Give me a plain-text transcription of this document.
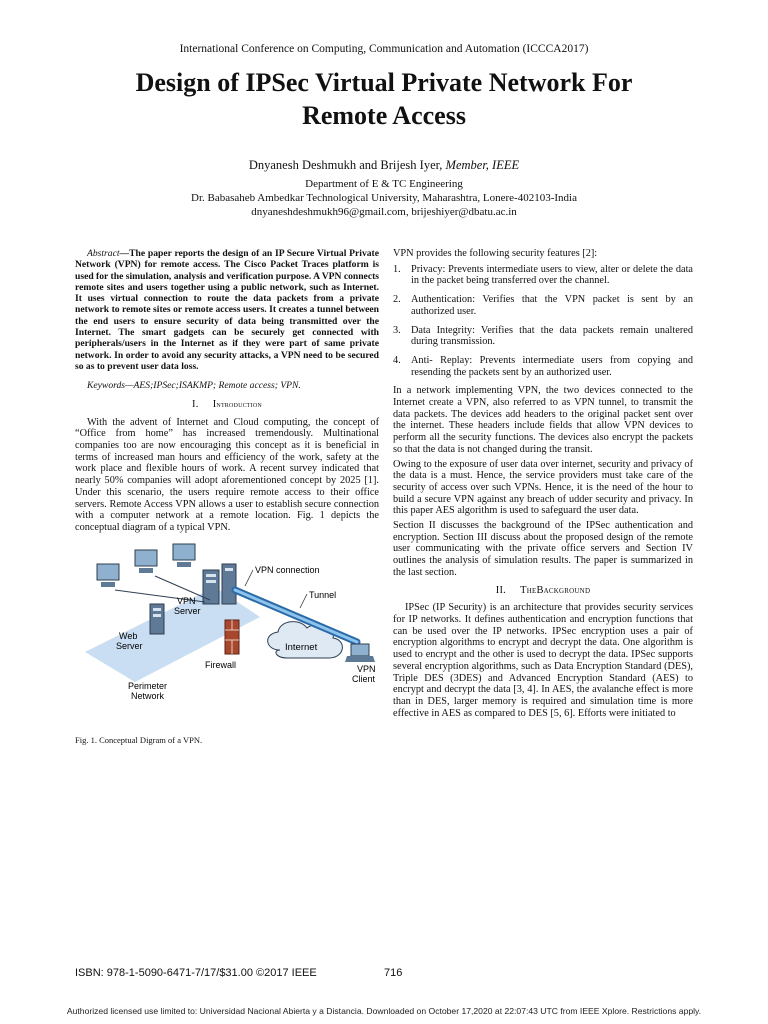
International Conference on Computing, Communication and Automation (ICCCA2017)
Design of IPSec Virtual Private Network For
Remote Access
Dnyanesh Deshmukh and Brijesh Iyer, Member, IEEE
Department of E & TC Engineering
Dr. Babasaheb Ambedkar Technological University, Maharashtra, Lonere-402103-India
dnyaneshdeshmukh96@gmail.com, brijeshiyer@dbatu.ac.in

Abstract—The paper reports the design of an IP Secure Virtual Private Network (VPN) for remote access. The Cisco Packet Traces platform is used for the simulation, analysis and verification purpose. A VPN connects remote sites and users together using a public network, such as Internet. It uses virtual connection to route the data packets from a private network to remote sites or remote access users. It creates a tunnel between the end users to ensure security of data being transmitted over the Internet. The smart gadgets can be securely get connected with peripherals/users in the Internet as if they were part of same private network. In order to avoid any security attacks, a VPN need to be secured so as to prevent user data loss.

Keywords—AES;IPSec;ISAKMP; Remote access; VPN.

I. Introduction

With the advent of Internet and Cloud computing, the concept of “Office from home” has increased tremendously. Multinational companies too are now encouraging this concept as it is beneficial in terms of increased man hours and efficiency of the work, safety at the work place and flexible hours of work. A recent survey indicated that nearly 50% companies will adopt aforementioned concept by 2025 [1]. Under this scenario, the users require remote access to their office servers. Remote Access VPN allows a user to establish secure connection with a computer network at a remote location. Fig. 1 depicts the conceptual diagram of a typical VPN.

VPN connection
Tunnel
VPN
Server
Web
Server	Internet
Firewall	VPN
Client
Perimeter
Network
Fig. 1. Conceptual Digram of a VPN.

VPN provides the following security features [2]:

1. Privacy: Prevents intermediate users to view, alter or delete the data in the packet being transferred over the channel.
2. Authentication: Verifies that the VPN packet is sent by an authorized user.
3. Data Integrity: Verifies that the data packets remain unaltered during transmission.
4. Anti- Replay: Prevents intermediate users from copying and resending the packets sent by an authorized user.

In a network implementing VPN, the two devices connected to the Internet create a VPN, also referred to as VPN tunnel, to transmit the data packets. The devices add headers to the original packet sent over the internet. These headers include fields that allow VPN devices to perform all the security functions. The devices also encrypt the packets so that the data is not changed during the transit.

Owing to the exposure of user data over internet, security and privacy of the data is a must. Hence, the service providers must take care of the security of access over such VPNs. Hence, it is the need of the hour to build a secure VPN against any breach of udder security and privacy. In this paper AES algorithm is used to safeguard the user data.

Section II discusses the background of the IPSec authentication and encryption. Section III discuss about the proposed design of the remote user communicating with the private office servers and Section IV outlines the analysis of simulation results. The paper is summarized in the last section.

II. TheBackground

IPSec (IP Security) is an architecture that provides security services for IP networks. It defines authentication and encryption functions that can be used over the IP networks. IPSec encryption uses a pair of encryption algorithms to encrypt and decrypt the data. One algorithm is used to encrypt and the other is used to decrypt the data. IPSec supports several encryption algorithms, such as Data Encryption Standard (DES), Triple DES (3DES) and Advanced Encryption Standard (AES) to encrypt and decrypt the data [3, 4]. In AES, the avalanche effect is more than in DES, larger memory is required and simulation time is more effective in AES as compared to DES [5, 6]. Efforts were initiated to

ISBN: 978-1-5090-6471-7/17/$31.00 ©2017 IEEE	716
Authorized licensed use limited to: Universidad Nacional Abierta y a Distancia. Downloaded on October 17,2020 at 22:07:43 UTC from IEEE Xplore. Restrictions apply.
